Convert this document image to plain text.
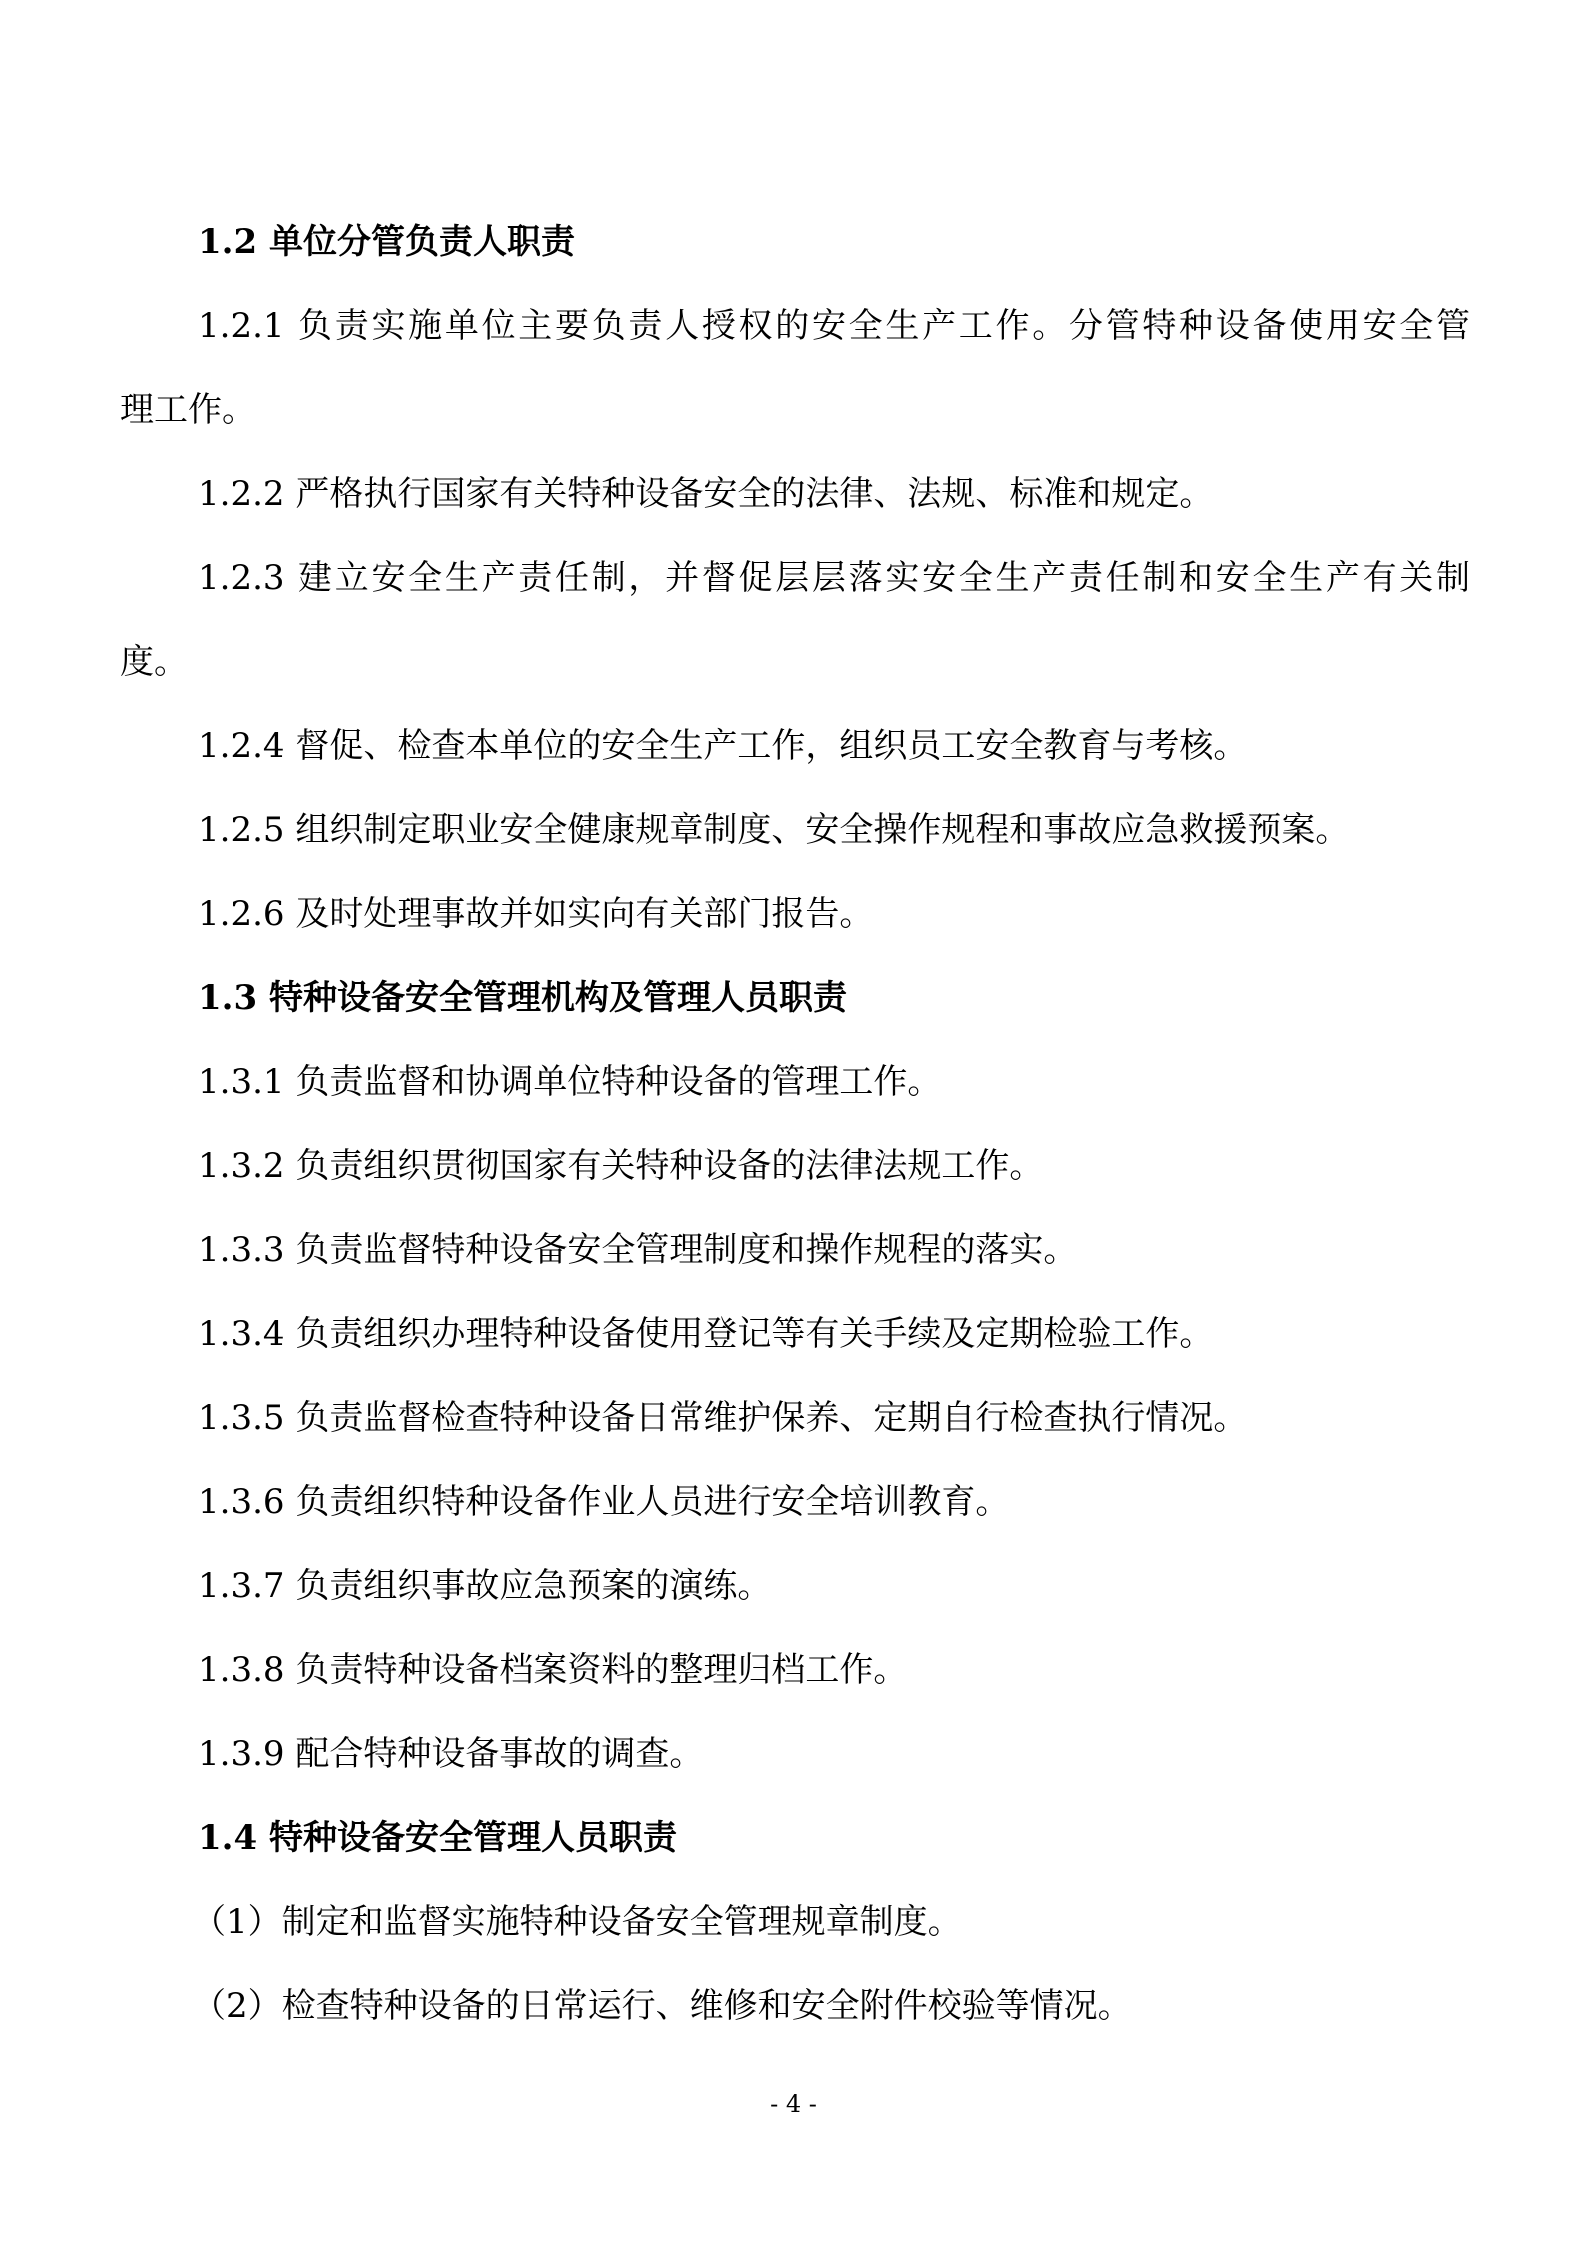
1.2 单位分管负责人职责

1.2.1 负责实施单位主要负责人授权的安全生产工作。分管特种设备使用安全管

理工作。

1.2.2 严格执行国家有关特种设备安全的法律、法规、标准和规定。

1.2.3 建立安全生产责任制，并督促层层落实安全生产责任制和安全生产有关制

度。

1.2.4 督促、检查本单位的安全生产工作，组织员工安全教育与考核。

1.2.5 组织制定职业安全健康规章制度、安全操作规程和事故应急救援预案。

1.2.6 及时处理事故并如实向有关部门报告。

1.3 特种设备安全管理机构及管理人员职责

1.3.1 负责监督和协调单位特种设备的管理工作。

1.3.2 负责组织贯彻国家有关特种设备的法律法规工作。

1.3.3 负责监督特种设备安全管理制度和操作规程的落实。

1.3.4 负责组织办理特种设备使用登记等有关手续及定期检验工作。

1.3.5 负责监督检查特种设备日常维护保养、定期自行检查执行情况。

1.3.6 负责组织特种设备作业人员进行安全培训教育。

1.3.7 负责组织事故应急预案的演练。

1.3.8 负责特种设备档案资料的整理归档工作。

1.3.9 配合特种设备事故的调查。

1.4 特种设备安全管理人员职责

（1）制定和监督实施特种设备安全管理规章制度。

（2）检查特种设备的日常运行、维修和安全附件校验等情况。

- 4 -
